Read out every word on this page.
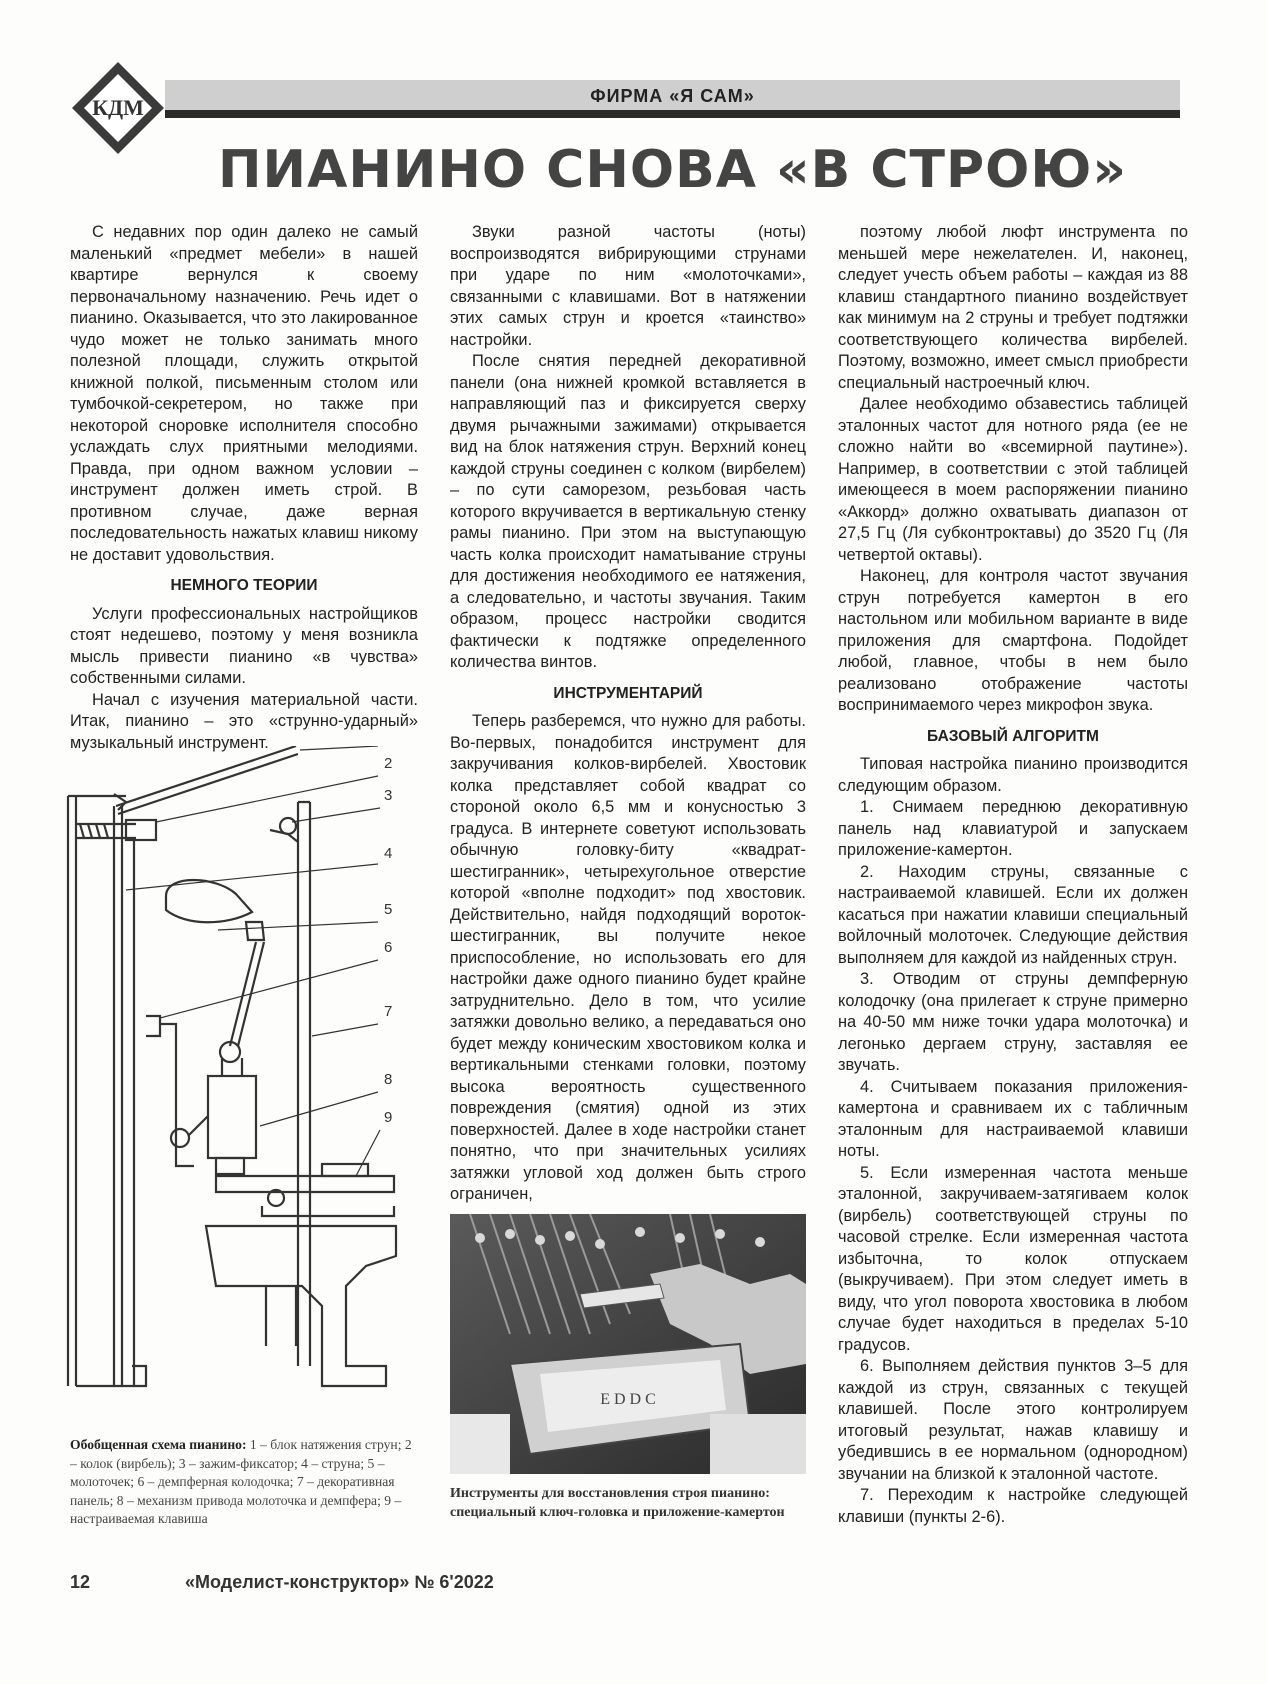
КДМ	ФИРМА «Я САМ»
ПИАНИНО СНОВА «В СТРОЮ»

С недавних пор один далеко не самый маленький «предмет мебели» в нашей квартире вернулся к своему первоначальному назначению. Речь идет о пианино. Оказывается, что это лакированное чудо может не только занимать много полезной площади, служить открытой книжной полкой, письменным столом или тумбочкой-секретером, но также при некоторой сноровке исполнителя способно услаждать слух приятными мелодиями. Правда, при одном важном условии – инструмент должен иметь строй. В противном случае, даже верная последовательность нажатых клавиш никому не доставит удовольствия.

НЕМНОГО ТЕОРИИ

Услуги профессиональных настройщиков стоят недешево, поэтому у меня возникла мысль привести пианино «в чувства» собственными силами.

Начал с изучения материальной части. Итак, пианино – это «струнно-ударный» музыкальный инструмент.

2
3
4
5
6
7
8
9
Обобщенная схема пианино: 1 – блок натяжения струн; 2 – колок (вирбель); 3 – зажим-фиксатор; 4 – струна; 5 – молоточек; 6 – демпферная колодочка; 7 – декоративная панель; 8 – механизм привода молоточка и демпфера; 9 – настраиваемая клавиша

Звуки разной частоты (ноты) воспроизводятся вибрирующими струнами при ударе по ним «молоточками», связанными с клавишами. Вот в натяжении этих самых струн и кроется «таинство» настройки.

После снятия передней декоративной панели (она нижней кромкой вставляется в направляющий паз и фиксируется сверху двумя рычажными зажимами) открывается вид на блок натяжения струн. Верхний конец каждой струны соединен с колком (вирбелем) – по сути саморезом, резьбовая часть которого вкручивается в вертикальную стенку рамы пианино. При этом на выступающую часть колка происходит наматывание струны для достижения необходимого ее натяжения, а следовательно, и частоты звучания. Таким образом, процесс настройки сводится фактически к подтяжке определенного количества винтов.

ИНСТРУМЕНТАРИЙ

Теперь разберемся, что нужно для работы. Во-первых, понадобится инструмент для закручивания колков-вирбелей. Хвостовик колка представляет собой квадрат со стороной около 6,5 мм и конусностью 3 градуса. В интернете советуют использовать обычную головку-биту «квадрат-шестигранник», четырехугольное отверстие которой «вполне подходит» под хвостовик. Действительно, найдя подходящий вороток-шестигранник, вы получите некое приспособление, но использовать его для настройки даже одного пианино будет крайне затруднительно. Дело в том, что усилие затяжки довольно велико, а передаваться оно будет между коническим хвостовиком колка и вертикальными стенками головки, поэтому высока вероятность существенного повреждения (смятия) одной из этих поверхностей. Далее в ходе настройки станет понятно, что при значительных усилиях затяжки угловой ход должен быть строго ограничен,

E D D C
Инструменты для восстановления строя пианино: специальный ключ-головка и приложение-камертон

поэтому любой люфт инструмента по меньшей мере нежелателен. И, наконец, следует учесть объем работы – каждая из 88 клавиш стандартного пианино воздействует как минимум на 2 струны и требует подтяжки соответствующего количества вирбелей. Поэтому, возможно, имеет смысл приобрести специальный настроечный ключ.

Далее необходимо обзавестись таблицей эталонных частот для нотного ряда (ее не сложно найти во «всемирной паутине»). Например, в соответствии с этой таблицей имеющееся в моем распоряжении пианино «Аккорд» должно охватывать диапазон от 27,5 Гц (Ля субконтроктавы) до 3520 Гц (Ля четвертой октавы).

Наконец, для контроля частот звучания струн потребуется камертон в его настольном или мобильном варианте в виде приложения для смартфона. Подойдет любой, главное, чтобы в нем было реализовано отображение частоты воспринимаемого через микрофон звука.

БАЗОВЫЙ АЛГОРИТМ

Типовая настройка пианино производится следующим образом.

1. Снимаем переднюю декоративную панель над клавиатурой и запускаем приложение-камертон.

2. Находим струны, связанные с настраиваемой клавишей. Если их должен касаться при нажатии клавиши специальный войлочный молоточек. Следующие действия выполняем для каждой из найденных струн.

3. Отводим от струны демпферную колодочку (она прилегает к струне примерно на 40-50 мм ниже точки удара молоточка) и легонько дергаем струну, заставляя ее звучать.

4. Считываем показания приложения-камертона и сравниваем их с табличным эталонным для настраиваемой клавиши ноты.

5. Если измеренная частота меньше эталонной, закручиваем-затягиваем колок (вирбель) соответствующей струны по часовой стрелке. Если измеренная частота избыточна, то колок отпускаем (выкручиваем). При этом следует иметь в виду, что угол поворота хвостовика в любом случае будет находиться в пределах 5-10 градусов.

6. Выполняем действия пунктов 3–5 для каждой из струн, связанных с текущей клавишей. После этого контролируем итоговый результат, нажав клавишу и убедившись в ее нормальном (однородном) звучании на близкой к эталонной частоте.

7. Переходим к настройке следующей клавиши (пункты 2-6).

12	«Моделист-конструктор» № 6'2022
